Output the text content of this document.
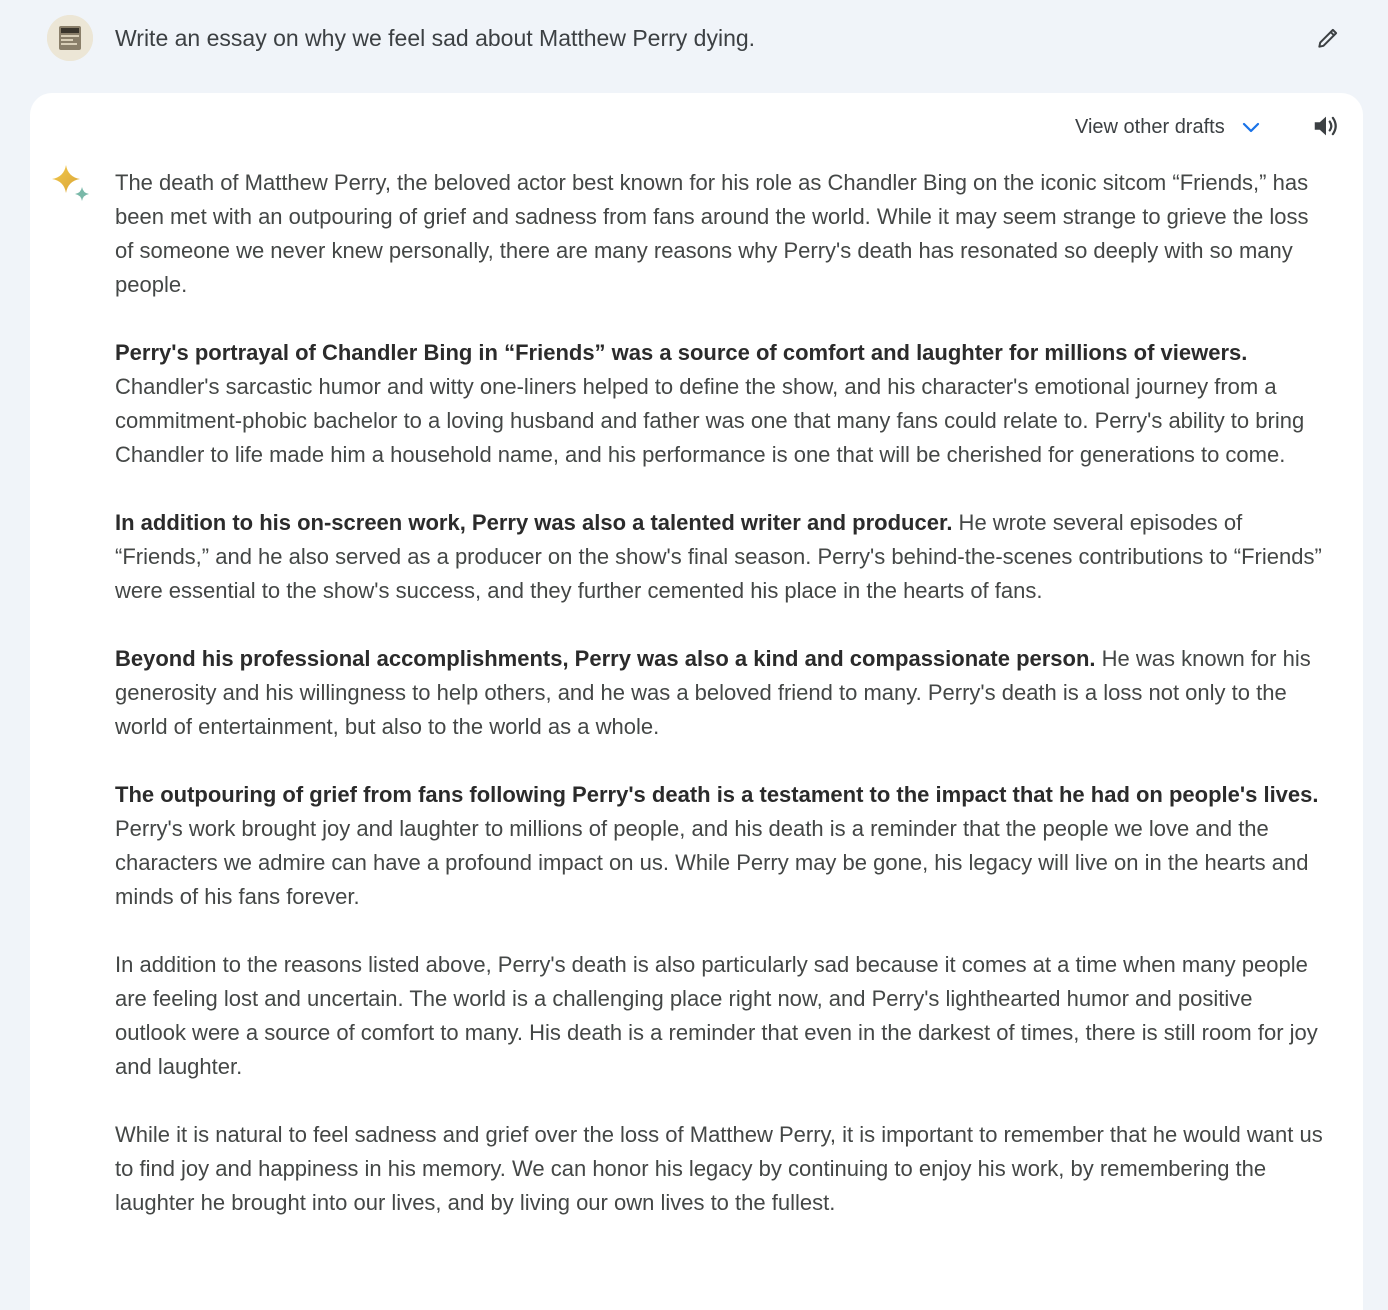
Write an essay on why we feel sad about Matthew Perry dying.
View other drafts

The death of Matthew Perry, the beloved actor best known for his role as Chandler Bing on the iconic sitcom “Friends,” has been met with an outpouring of grief and sadness from fans around the world. While it may seem strange to grieve the loss of someone we never knew personally, there are many reasons why Perry's death has resonated so deeply with so many people.

Perry's portrayal of Chandler Bing in “Friends” was a source of comfort and laughter for millions of viewers. Chandler's sarcastic humor and witty one-liners helped to define the show, and his character's emotional journey from a commitment-phobic bachelor to a loving husband and father was one that many fans could relate to. Perry's ability to bring Chandler to life made him a household name, and his performance is one that will be cherished for generations to come.

In addition to his on-screen work, Perry was also a talented writer and producer. He wrote several episodes of “Friends,” and he also served as a producer on the show's final season. Perry's behind-the-scenes contributions to “Friends” were essential to the show's success, and they further cemented his place in the hearts of fans.

Beyond his professional accomplishments, Perry was also a kind and compassionate person. He was known for his generosity and his willingness to help others, and he was a beloved friend to many. Perry's death is a loss not only to the world of entertainment, but also to the world as a whole.

The outpouring of grief from fans following Perry's death is a testament to the impact that he had on people's lives. Perry's work brought joy and laughter to millions of people, and his death is a reminder that the people we love and the characters we admire can have a profound impact on us. While Perry may be gone, his legacy will live on in the hearts and minds of his fans forever.

In addition to the reasons listed above, Perry's death is also particularly sad because it comes at a time when many people are feeling lost and uncertain. The world is a challenging place right now, and Perry's lighthearted humor and positive outlook were a source of comfort to many. His death is a reminder that even in the darkest of times, there is still room for joy and laughter.

While it is natural to feel sadness and grief over the loss of Matthew Perry, it is important to remember that he would want us to find joy and happiness in his memory. We can honor his legacy by continuing to enjoy his work, by remembering the laughter he brought into our lives, and by living our own lives to the fullest.
